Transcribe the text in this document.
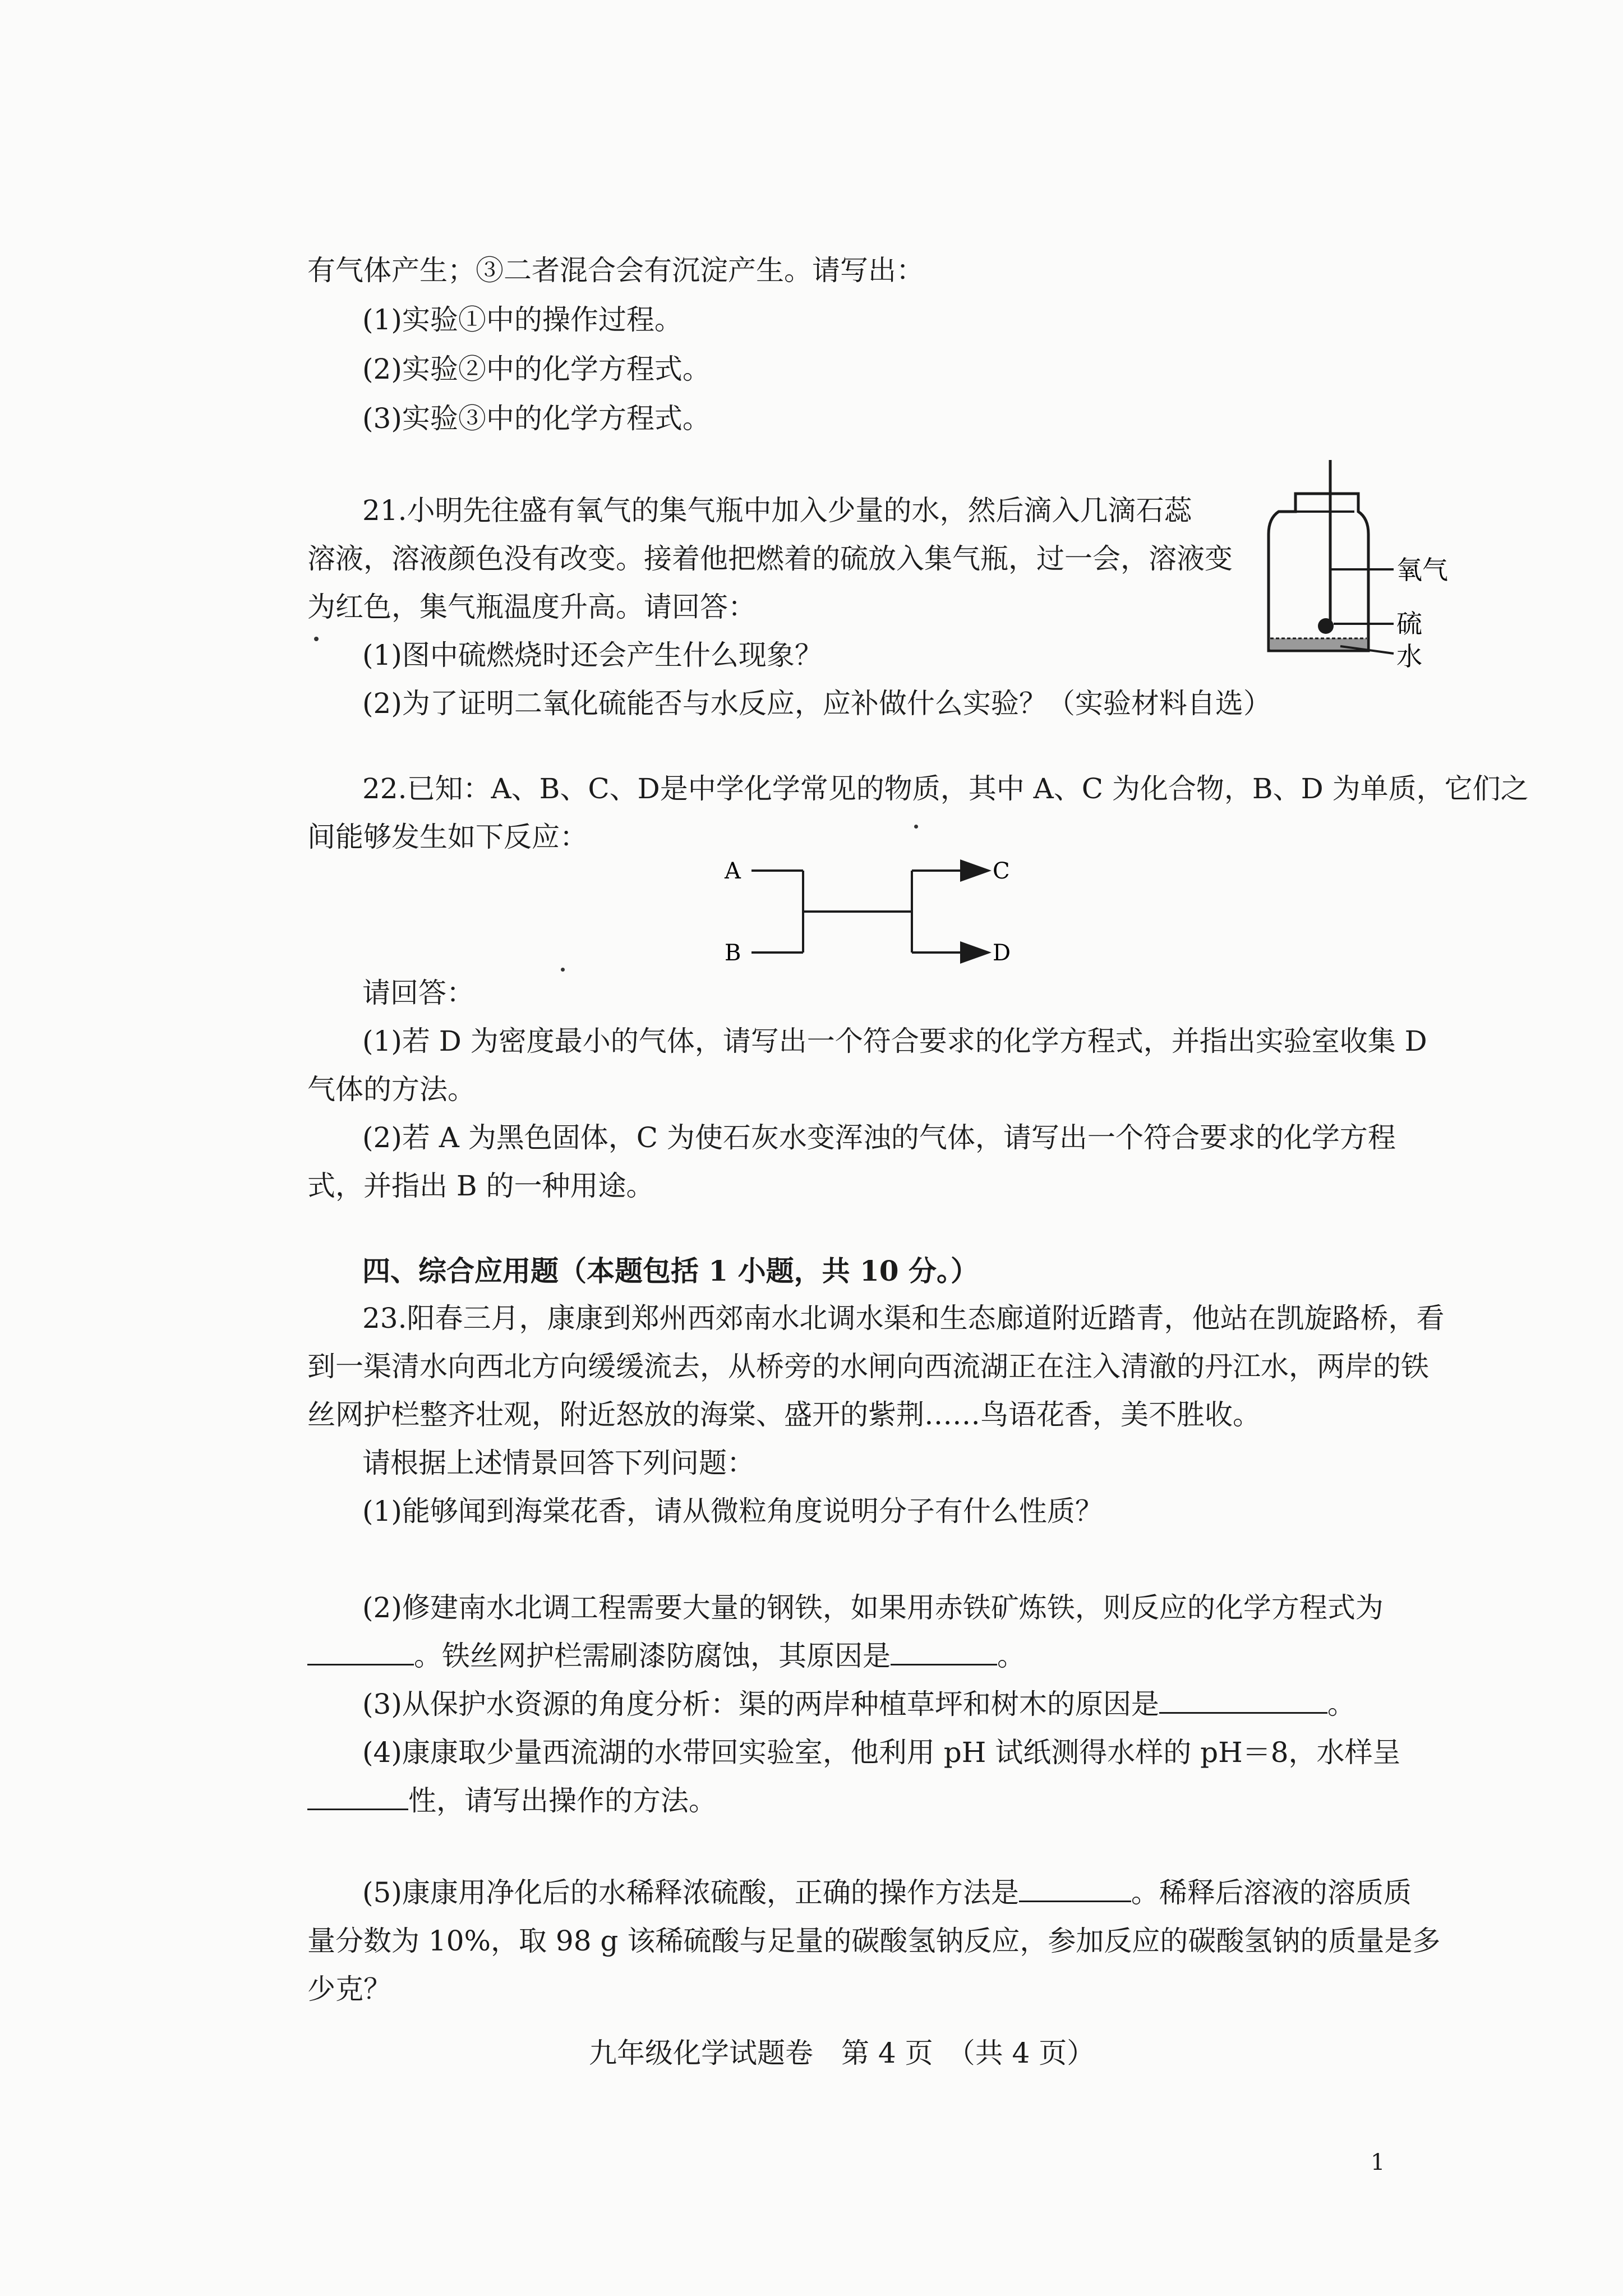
有气体产生；③二者混合会有沉淀产生。请写出：
(1)实验①中的操作过程。
(2)实验②中的化学方程式。
(3)实验③中的化学方程式。
21.小明先往盛有氧气的集气瓶中加入少量的水，然后滴入几滴石蕊
溶液，溶液颜色没有改变。接着他把燃着的硫放入集气瓶，过一会，溶液变
为红色，集气瓶温度升高。请回答：
(1)图中硫燃烧时还会产生什么现象？
(2)为了证明二氧化硫能否与水反应，应补做什么实验？（实验材料自选）
氧气
硫
水
22.已知：A、B、C、D是中学化学常见的物质，其中 A、C 为化合物，B、D 为单质，它们之
间能够发生如下反应：
A
B
C
D
请回答：
(1)若 D 为密度最小的气体，请写出一个符合要求的化学方程式，并指出实验室收集 D
气体的方法。
(2)若 A 为黑色固体，C 为使石灰水变浑浊的气体，请写出一个符合要求的化学方程
式，并指出 B 的一种用途。
四、综合应用题（本题包括 1 小题，共 10 分。）
23.阳春三月，康康到郑州西郊南水北调水渠和生态廊道附近踏青，他站在凯旋路桥，看
到一渠清水向西北方向缓缓流去，从桥旁的水闸向西流湖正在注入清澈的丹江水，两岸的铁
丝网护栏整齐壮观，附近怒放的海棠、盛开的紫荆……鸟语花香，美不胜收。
请根据上述情景回答下列问题：
(1)能够闻到海棠花香，请从微粒角度说明分子有什么性质？
(2)修建南水北调工程需要大量的钢铁，如果用赤铁矿炼铁，则反应的化学方程式为
。铁丝网护栏需刷漆防腐蚀，其原因是	。
(3)从保护水资源的角度分析：渠的两岸种植草坪和树木的原因是	。
(4)康康取少量西流湖的水带回实验室，他利用 pH 试纸测得水样的 pH＝8，水样呈
性，请写出操作的方法。
(5)康康用净化后的水稀释浓硫酸，正确的操作方法是	。稀释后溶液的溶质质
量分数为 10%，取 98 g 该稀硫酸与足量的碳酸氢钠反应，参加反应的碳酸氢钠的质量是多
少克？
九年级化学试题卷　第 4 页　（共 4 页）
1
